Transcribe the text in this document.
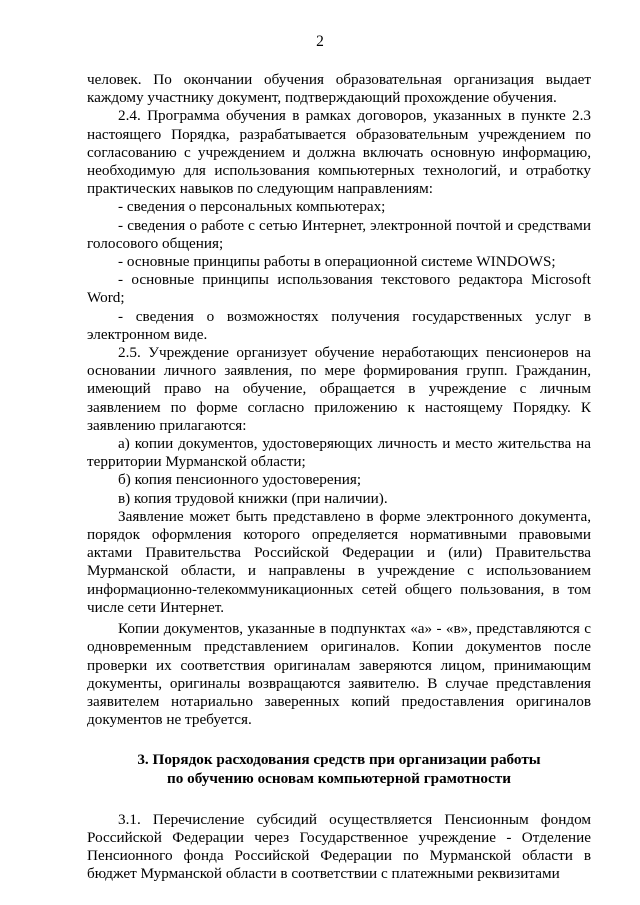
2

человек. По окончании обучения образовательная организация выдает каждому участнику документ, подтверждающий прохождение обучения.

2.4. Программа обучения в рамках договоров, указанных в пункте 2.3 настоящего Порядка, разрабатывается образовательным учреждением по согласованию с учреждением и должна включать основную информацию, необходимую для использования компьютерных технологий, и отработку практических навыков по следующим направлениям:

- сведения о персональных компьютерах;

- сведения о работе с сетью Интернет, электронной почтой и средствами голосового общения;

- основные принципы работы в операционной системе WINDOWS;

- основные принципы использования текстового редактора Microsoft Word;

- сведения о возможностях получения государственных услуг в электронном виде.

2.5. Учреждение организует обучение неработающих пенсионеров на основании личного заявления, по мере формирования групп. Гражданин, имеющий право на обучение, обращается в учреждение с личным заявлением по форме согласно приложению к настоящему Порядку. К заявлению прилагаются:

а) копии документов, удостоверяющих личность и место жительства на территории Мурманской области;

б) копия пенсионного удостоверения;

в) копия трудовой книжки (при наличии).

Заявление может быть представлено в форме электронного документа, порядок оформления которого определяется нормативными правовыми актами Правительства Российской Федерации и (или) Правительства Мурманской области, и направлены в учреждение с использованием информационно-телекоммуникационных сетей общего пользования, в том числе сети Интернет.

Копии документов, указанные в подпунктах «а» - «в», представляются с одновременным представлением оригиналов. Копии документов после проверки их соответствия оригиналам заверяются лицом, принимающим документы, оригиналы возвращаются заявителю. В случае представления заявителем нотариально заверенных копий предоставления оригиналов документов не требуется.

3. Порядок расходования средств при организации работы
по обучению основам компьютерной грамотности

3.1. Перечисление субсидий осуществляется Пенсионным фондом Российской Федерации через Государственное учреждение - Отделение Пенсионного фонда Российской Федерации по Мурманской области в бюджет Мурманской области в соответствии с платежными реквизитами
